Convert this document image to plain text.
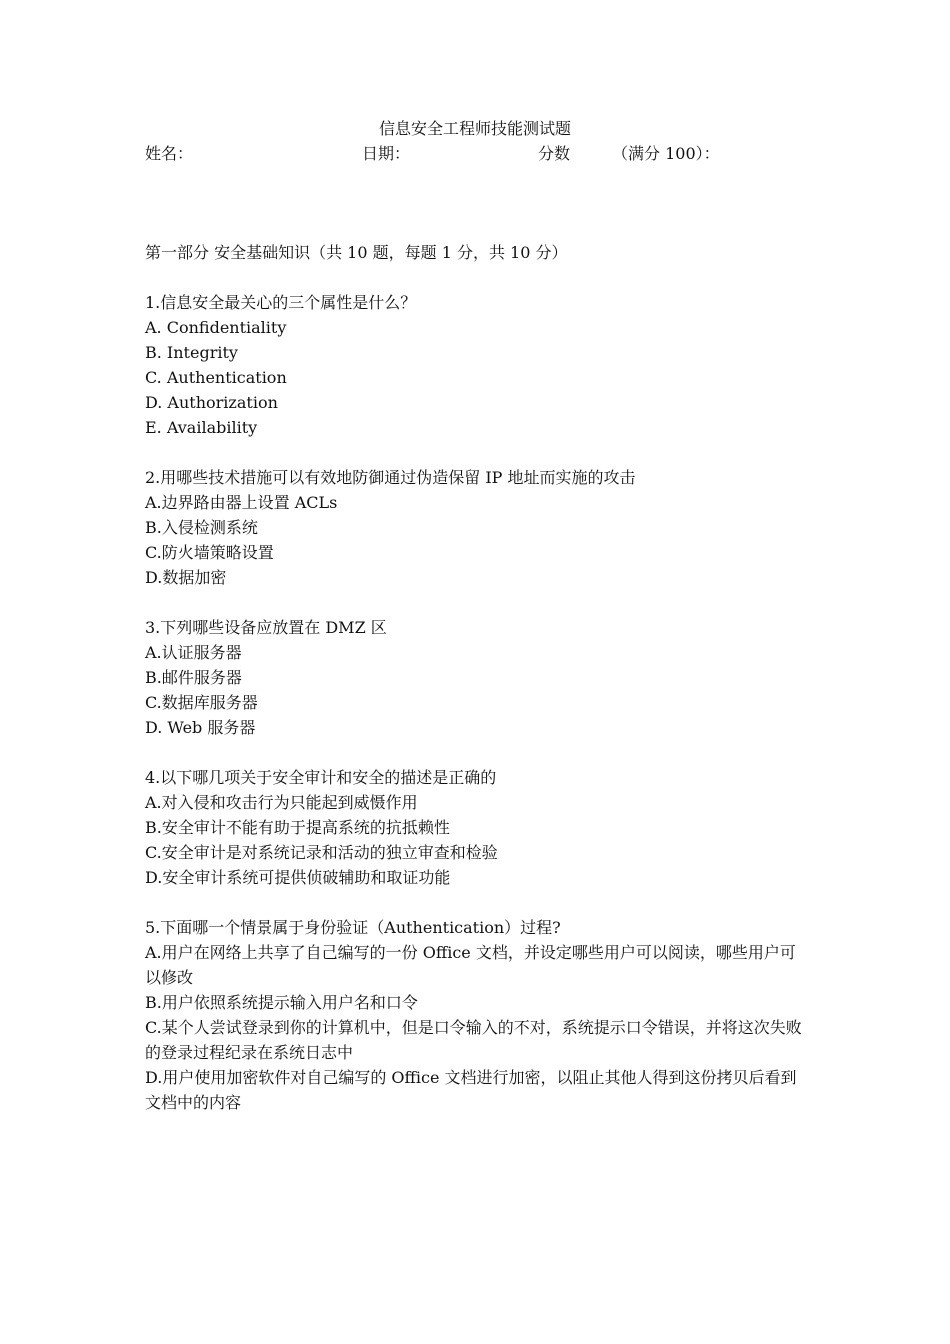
信息安全工程师技能测试题
姓名：	日期：	分数	（满分 100）：
第一部分 安全基础知识（共 10 题，每题 1 分，共 10 分）

1.信息安全最关心的三个属性是什么？

A. Confidentiality

B. Integrity

C. Authentication

D. Authorization

E. Availability

2.用哪些技术措施可以有效地防御通过伪造保留 IP 地址而实施的攻击

A.边界路由器上设置 ACLs

B.入侵检测系统

C.防火墙策略设置

D.数据加密

3.下列哪些设备应放置在 DMZ 区

A.认证服务器

B.邮件服务器

C.数据库服务器

D. Web 服务器

4.以下哪几项关于安全审计和安全的描述是正确的

A.对入侵和攻击行为只能起到威慑作用

B.安全审计不能有助于提高系统的抗抵赖性

C.安全审计是对系统记录和活动的独立审查和检验

D.安全审计系统可提供侦破辅助和取证功能

5.下面哪一个情景属于身份验证（Authentication）过程?

A.用户在网络上共享了自己编写的一份 Office 文档，并设定哪些用户可以阅读，哪些用户可以修改

B.用户依照系统提示输入用户名和口令

C.某个人尝试登录到你的计算机中，但是口令输入的不对，系统提示口令错误，并将这次失败的登录过程纪录在系统日志中

D.用户使用加密软件对自己编写的 Office 文档进行加密，以阻止其他人得到这份拷贝后看到文档中的内容
